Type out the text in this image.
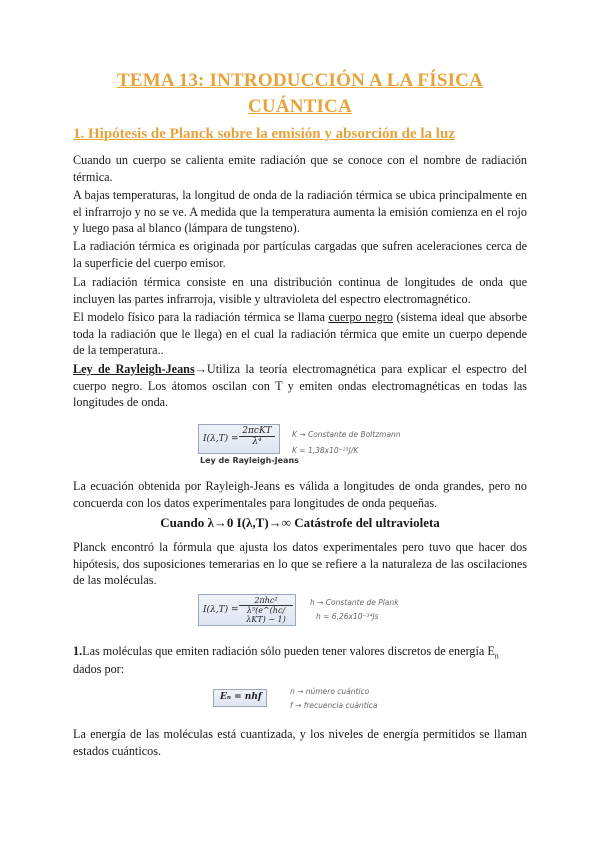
TEMA 13: INTRODUCCIÓN A LA FÍSICA
CUÁNTICA
1. Hipótesis de Planck sobre la emisión y absorción de la luz
Cuando un cuerpo se calienta emite radiación que se conoce con el nombre de radiación térmica.
A bajas temperaturas, la longitud de onda de la radiación térmica se ubica principalmente en el infrarrojo y no se ve. A medida que la temperatura aumenta la emisión comienza en el rojo y luego pasa al blanco (lámpara de tungsteno).
La radiación térmica es originada por partículas cargadas que sufren aceleraciones cerca de la superficie del cuerpo emisor.
La radiación térmica consiste en una distribución continua de longitudes de onda que incluyen las partes infrarroja, visible y ultravioleta del espectro electromagnético.
El modelo físico para la radiación térmica se llama cuerpo negro (sistema ideal que absorbe toda la radiación que le llega) en el cual la radiación térmica que emite un cuerpo depende de la temperatura..
Ley de Rayleigh-Jeans→Utiliza la teoría electromagnética para explicar el espectro del cuerpo negro. Los átomos oscilan con T y emiten ondas electromagnéticas en todas las longitudes de onda.
I(λ,T) =
2πcKT
λ⁴
Ley de Rayleigh-Jeans
K → Constante de Boltzmann
K = 1,38x10⁻²³J/K
La ecuación obtenida por Rayleigh-Jeans es válida a longitudes de onda grandes, pero no concuerda con los datos experimentales para longitudes de onda pequeñas.
Cuando λ→0 I(λ,T)→∞ Catástrofe del ultravioleta
Planck encontró la fórmula que ajusta los datos experimentales pero tuvo que hacer dos hipótesis, dos suposiciones temerarias en lo que se refiere a la naturaleza de las oscilaciones de las moléculas.
I(λ,T) =
2πhc²
λ⁵(e^(hc/λKT) − 1)
h → Constante de Plank
h = 6,26x10⁻³⁴Js
1.Las moléculas que emiten radiación sólo pueden tener valores discretos de energía $E_n$
dados por:
Eₙ = nhf
n → número cuántico
f → frecuencia cuántica
La energía de las moléculas está cuantizada, y los niveles de energía permitidos se llaman estados cuánticos.
